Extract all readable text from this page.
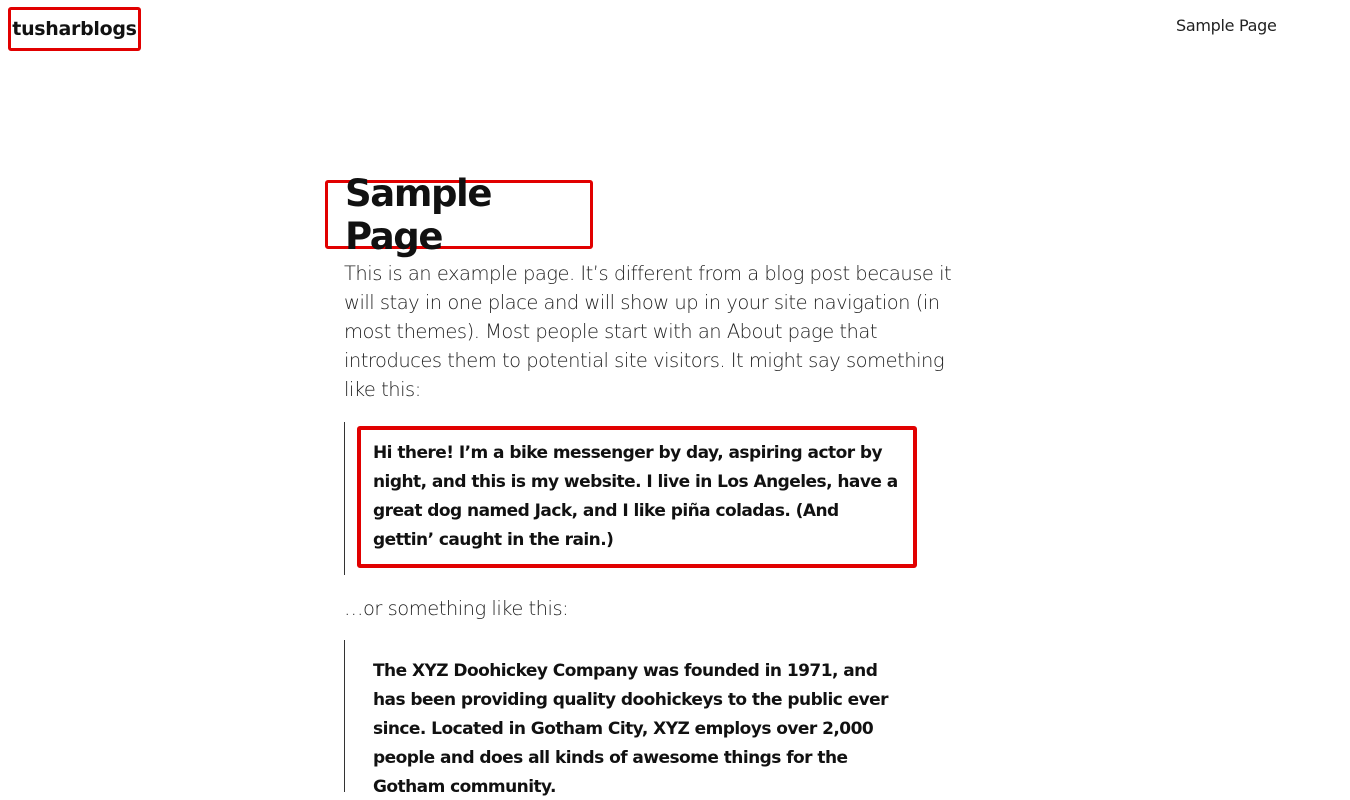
tusharblogs	Sample Page
Sample Page

This is an example page. It’s different from a blog post because it will stay in one place and will show up in your site navigation (in most themes). Most people start with an About page that introduces them to potential site visitors. It might say something like this:

Hi there! I’m a bike messenger by day, aspiring actor by night, and this is my website. I live in Los Angeles, have a great dog named Jack, and I like piña coladas. (And gettin’ caught in the rain.)

…or something like this:

The XYZ Doohickey Company was founded in 1971, and has been providing quality doohickeys to the public ever since. Located in Gotham City, XYZ employs over 2,000 people and does all kinds of awesome things for the Gotham community.
